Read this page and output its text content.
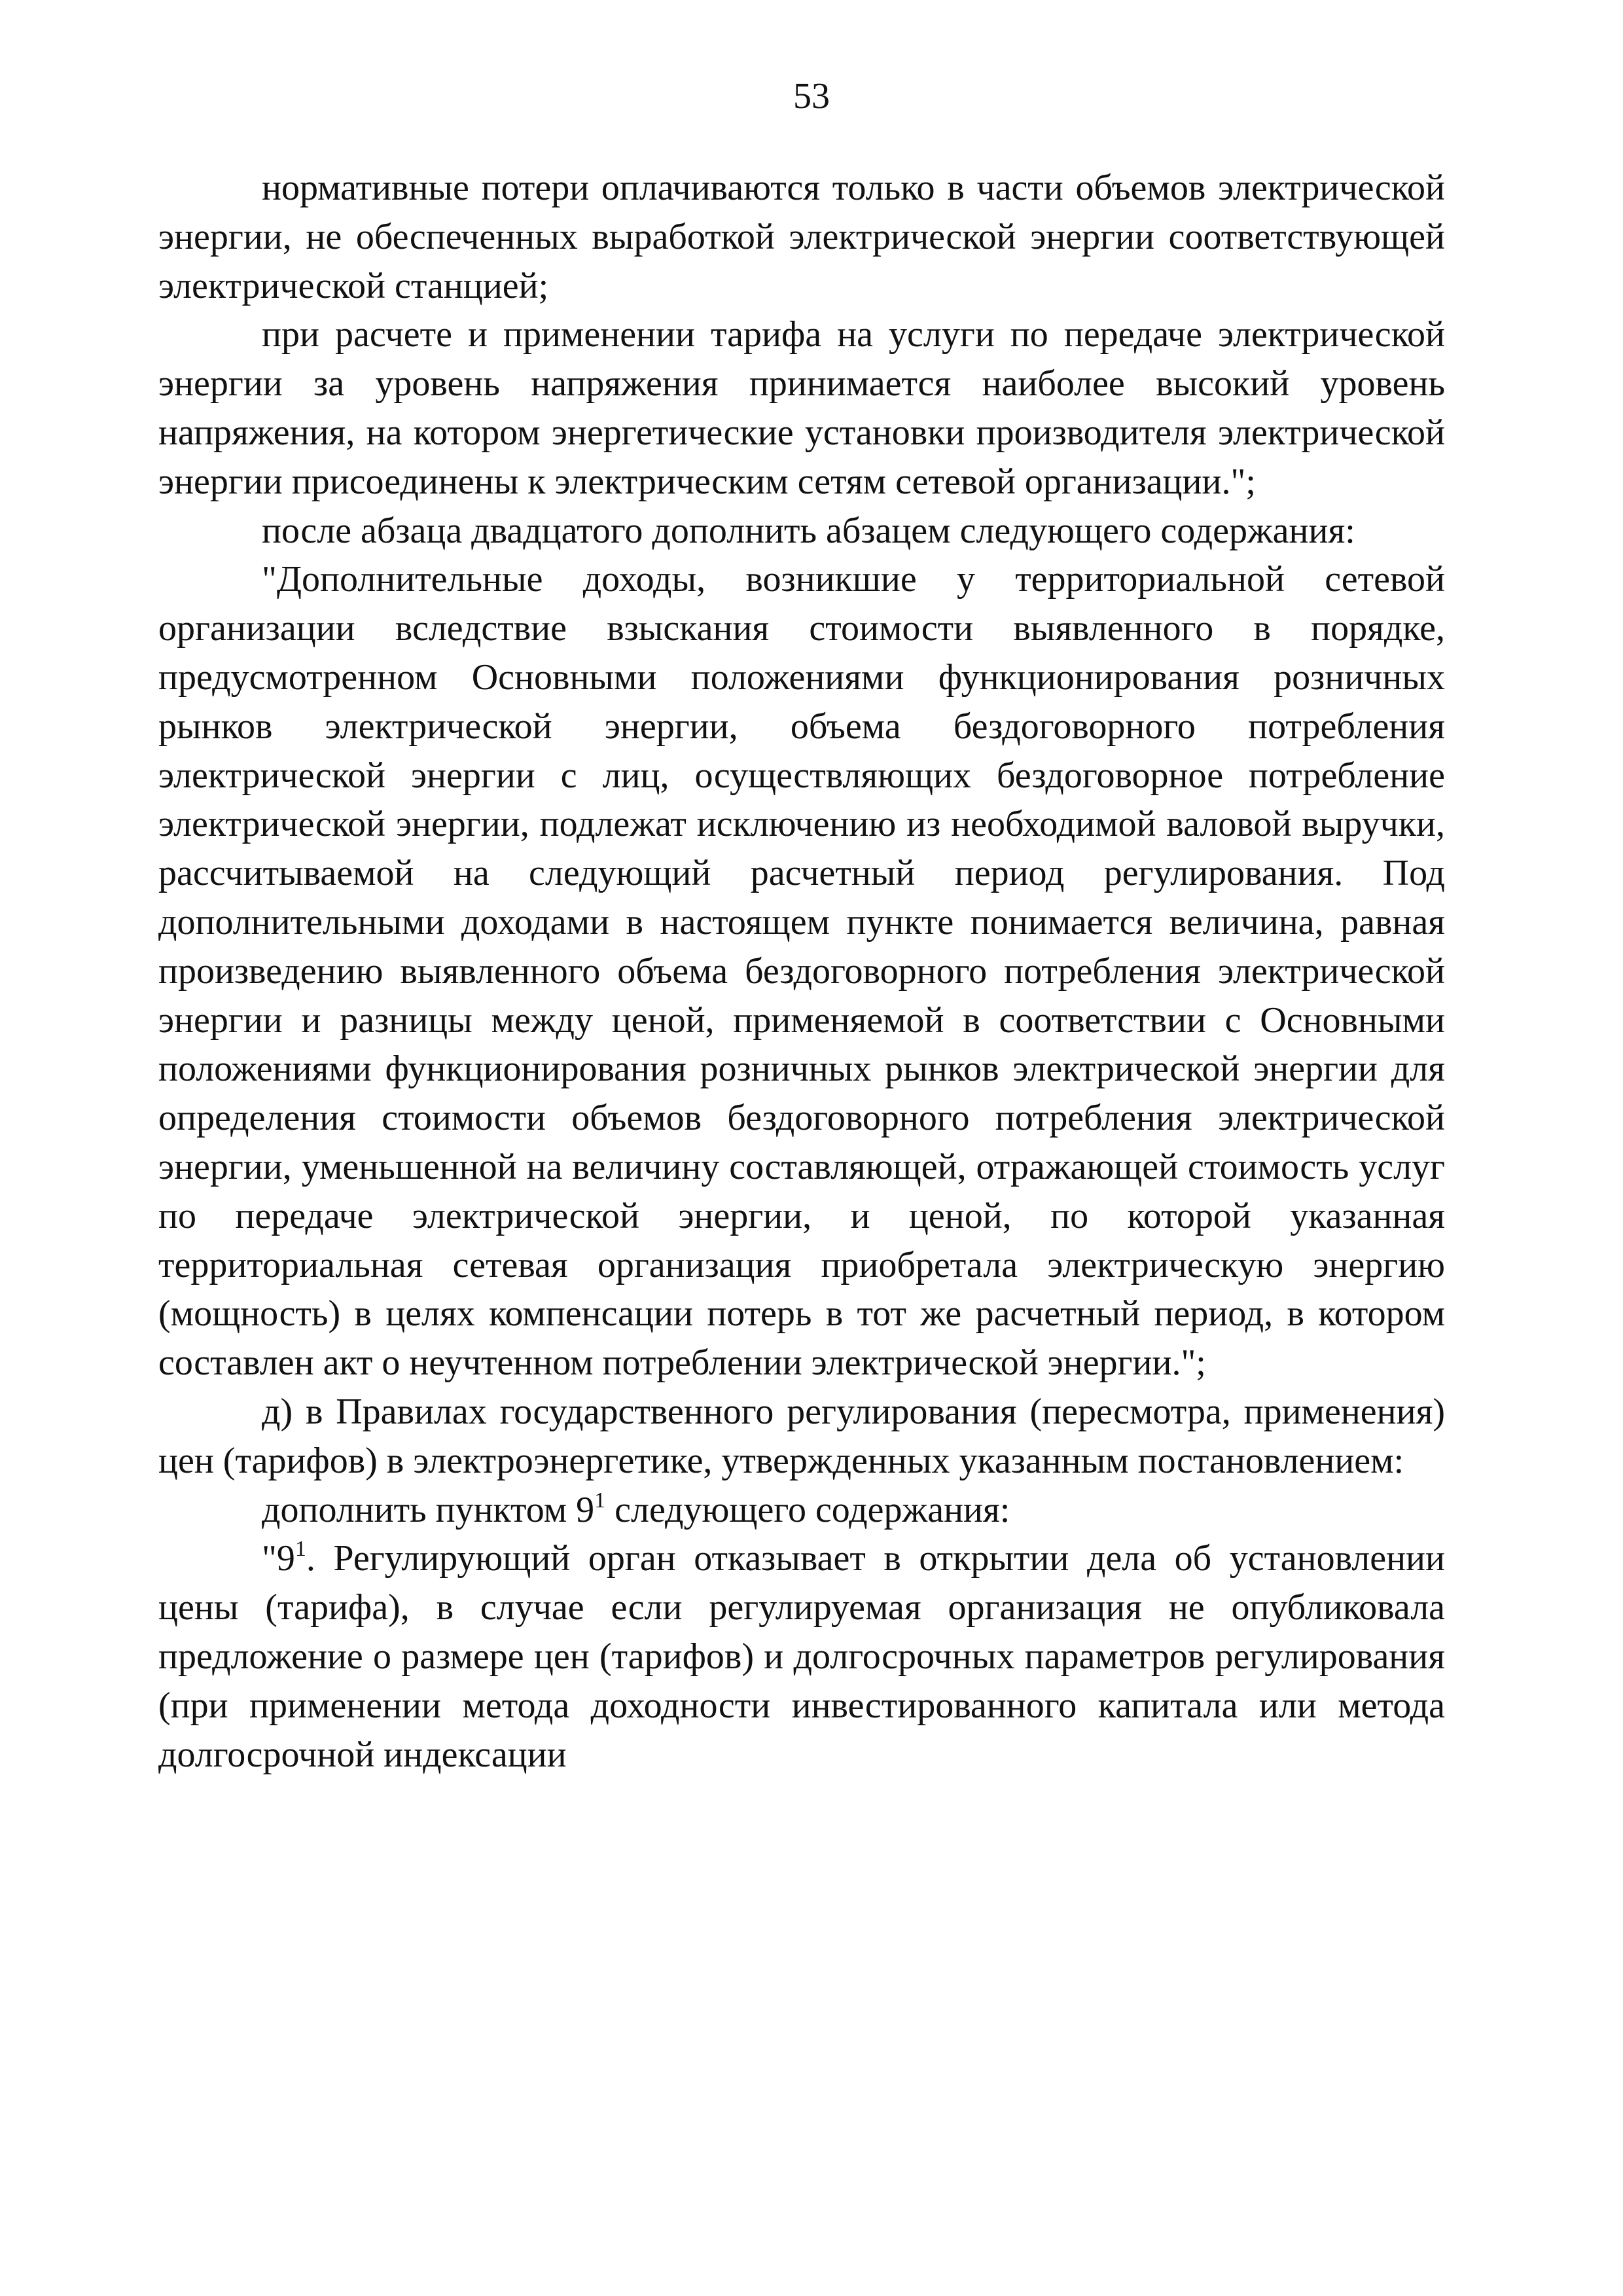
53

нормативные потери оплачиваются только в части объемов электрической энергии, не обеспеченных выработкой электрической энергии соответствующей электрической станцией;

при расчете и применении тарифа на услуги по передаче электрической энергии за уровень напряжения принимается наиболее высокий уровень напряжения, на котором энергетические установки производителя электрической энергии присоединены к электрическим сетям сетевой организации.";

после абзаца двадцатого дополнить абзацем следующего содержания:

"Дополнительные доходы, возникшие у территориальной сетевой организации вследствие взыскания стоимости выявленного в порядке, предусмотренном Основными положениями функционирования розничных рынков электрической энергии, объема бездоговорного потребления электрической энергии с лиц, осуществляющих бездоговорное потребление электрической энергии, подлежат исключению из необходимой валовой выручки, рассчитываемой на следующий расчетный период регулирования. Под дополнительными доходами в настоящем пункте понимается величина, равная произведению выявленного объема бездоговорного потребления электрической энергии и разницы между ценой, применяемой в соответствии с Основными положениями функционирования розничных рынков электрической энергии для определения стоимости объемов бездоговорного потребления электрической энергии, уменьшенной на величину составляющей, отражающей стоимость услуг по передаче электрической энергии, и ценой, по которой указанная территориальная сетевая организация приобретала электрическую энергию (мощность) в целях компенсации потерь в тот же расчетный период, в котором составлен акт о неучтенном потреблении электрической энергии.";

д) в Правилах государственного регулирования (пересмотра, применения) цен (тарифов) в электроэнергетике, утвержденных указанным постановлением:

дополнить пунктом $9^1$ следующего содержания:

"$9^1$. Регулирующий орган отказывает в открытии дела об установлении цены (тарифа), в случае если регулируемая организация не опубликовала предложение о размере цен (тарифов) и долгосрочных параметров регулирования (при применении метода доходности инвестированного капитала или метода долгосрочной индексации
